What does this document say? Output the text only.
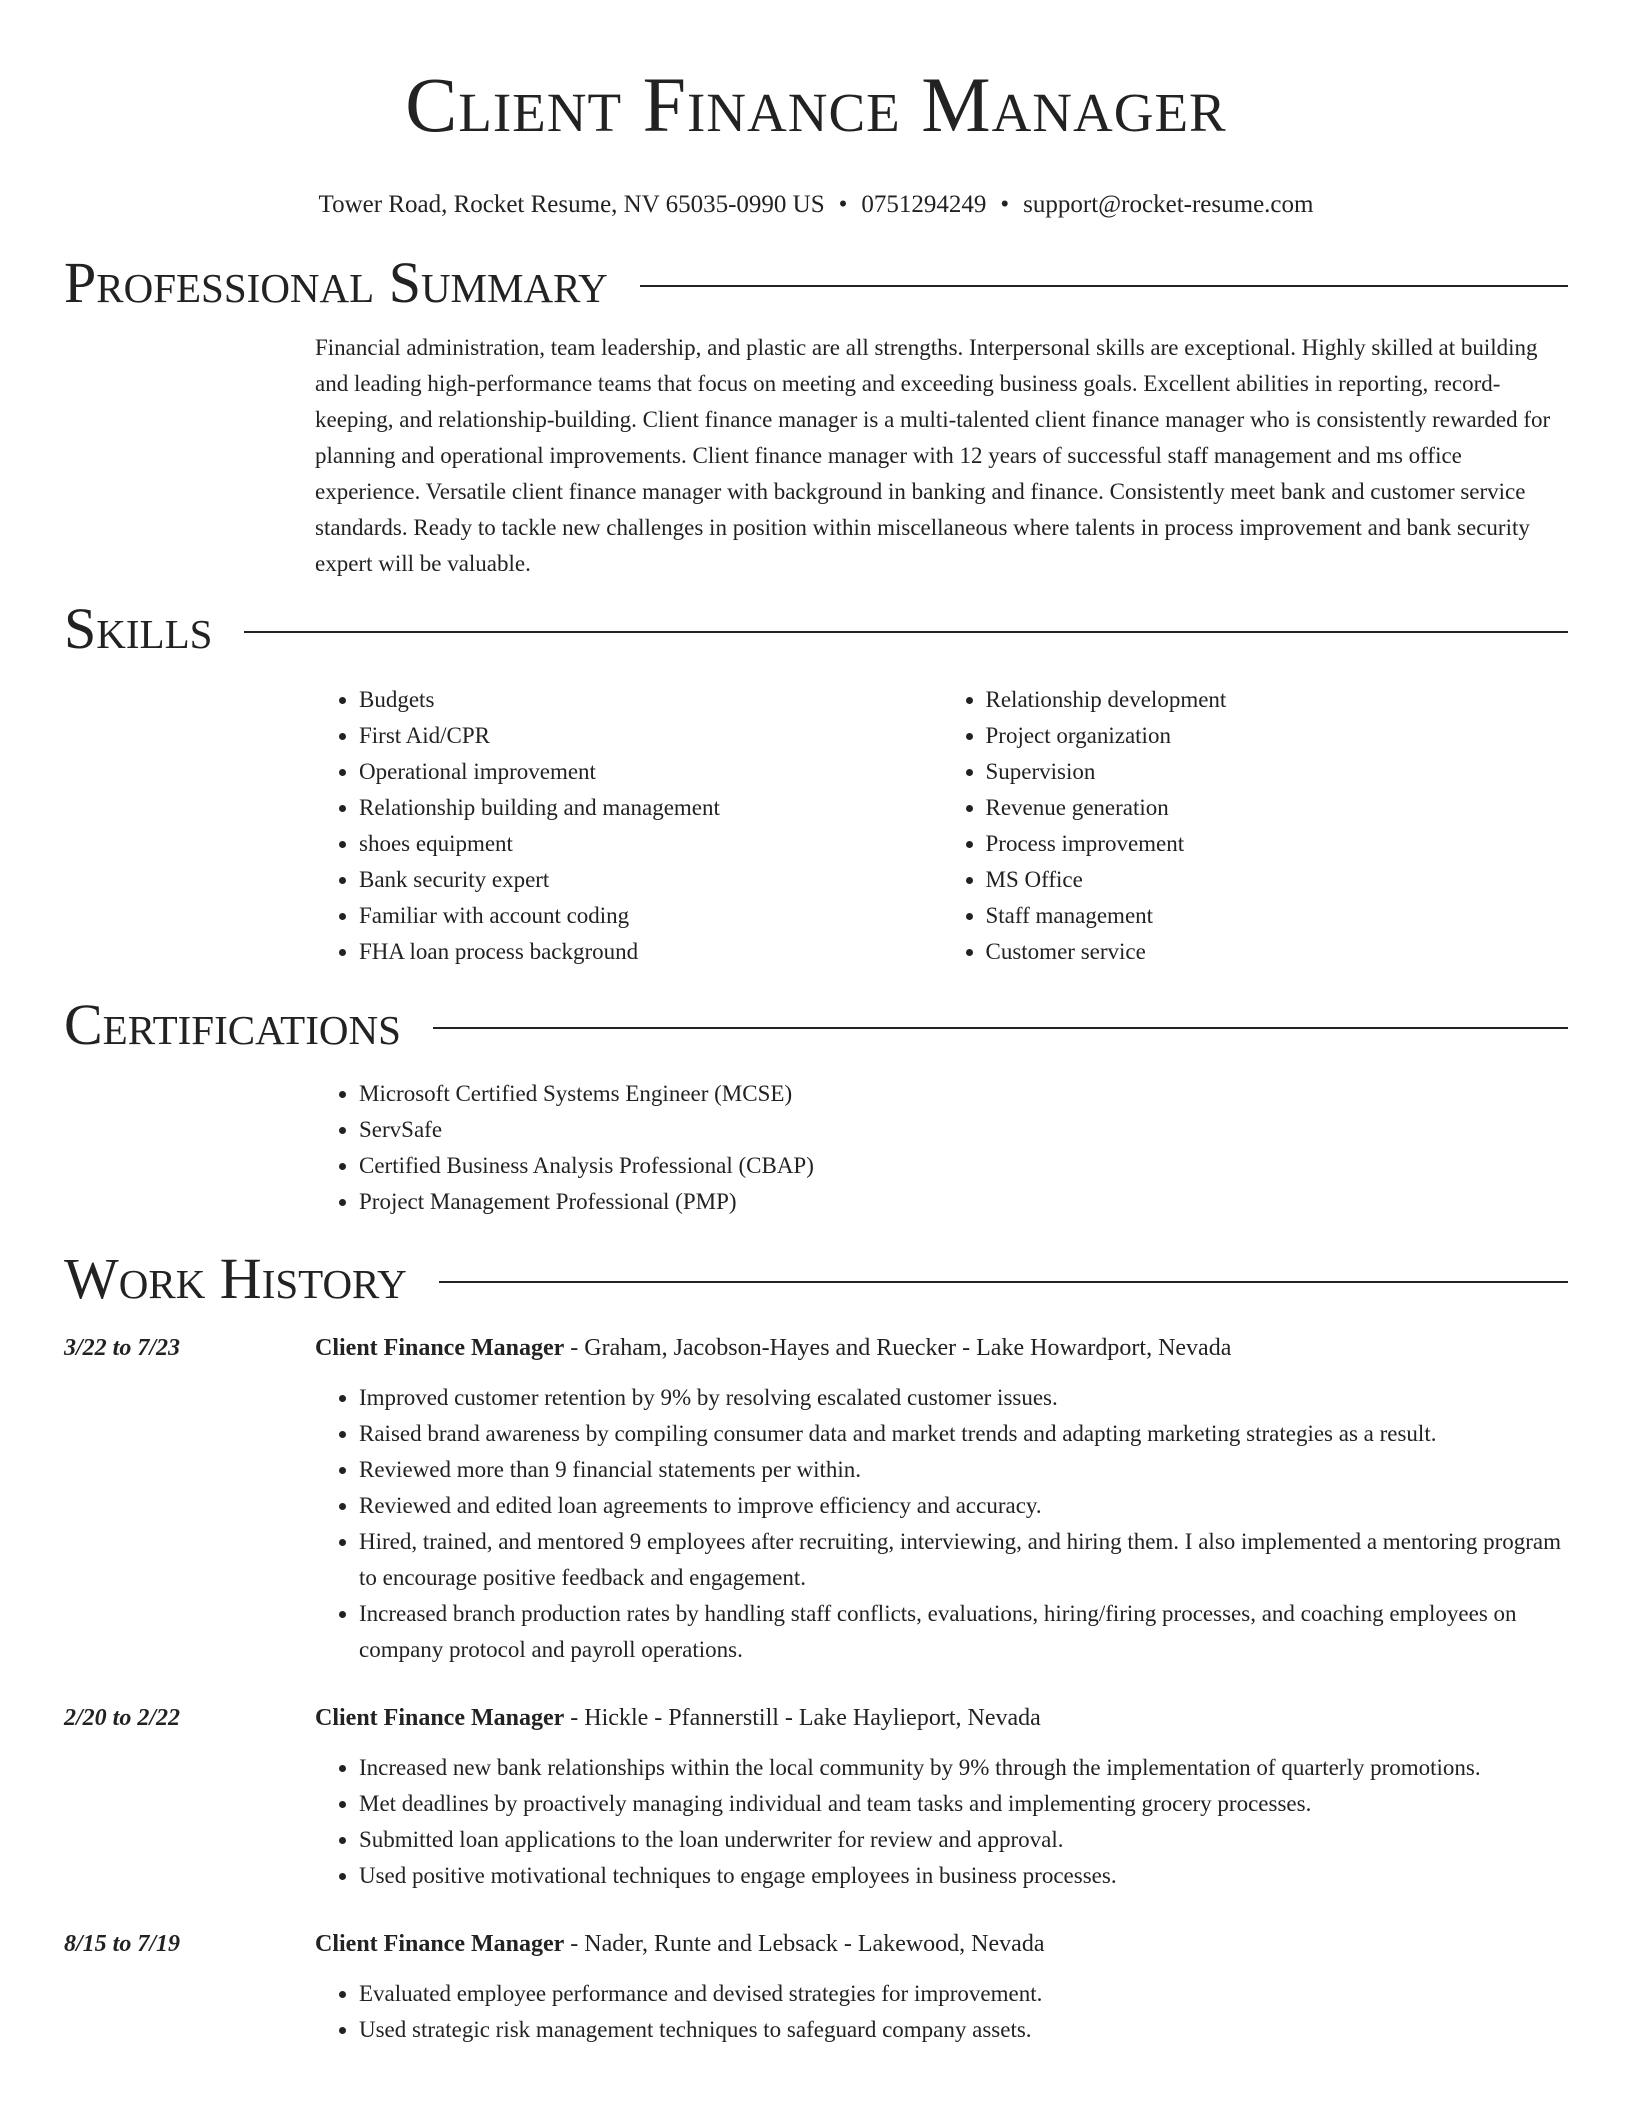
Client Finance Manager
Tower Road, Rocket Resume, NV 65035-0990 US • 0751294249 • support@rocket-resume.com
Professional Summary

Financial administration, team leadership, and plastic are all strengths. Interpersonal skills are exceptional. Highly skilled at building and leading high-performance teams that focus on meeting and exceeding business goals. Excellent abilities in reporting, record-keeping, and relationship-building. Client finance manager is a multi-talented client finance manager who is consistently rewarded for planning and operational improvements. Client finance manager with 12 years of successful staff management and ms office experience. Versatile client finance manager with background in banking and finance. Consistently meet bank and customer service standards. Ready to tackle new challenges in position within miscellaneous where talents in process improvement and bank security expert will be valuable.

Skills
• Budgets
• First Aid/CPR
• Operational improvement
• Relationship building and management
• shoes equipment
• Bank security expert
• Familiar with account coding
• FHA loan process background
• Relationship development
• Project organization
• Supervision
• Revenue generation
• Process improvement
• MS Office
• Staff management
• Customer service
Certifications
• Microsoft Certified Systems Engineer (MCSE)
• ServSafe
• Certified Business Analysis Professional (CBAP)
• Project Management Professional (PMP)
Work History
3/22 to 7/23	Client Finance Manager - Graham, Jacobson-Hayes and Ruecker - Lake Howardport, Nevada
• Improved customer retention by 9% by resolving escalated customer issues.
• Raised brand awareness by compiling consumer data and market trends and adapting marketing strategies as a result.
• Reviewed more than 9 financial statements per within.
• Reviewed and edited loan agreements to improve efficiency and accuracy.
• Hired, trained, and mentored 9 employees after recruiting, interviewing, and hiring them. I also implemented a mentoring program to encourage positive feedback and engagement.
• Increased branch production rates by handling staff conflicts, evaluations, hiring/firing processes, and coaching employees on company protocol and payroll operations.
2/20 to 2/22	Client Finance Manager - Hickle - Pfannerstill - Lake Haylieport, Nevada
• Increased new bank relationships within the local community by 9% through the implementation of quarterly promotions.
• Met deadlines by proactively managing individual and team tasks and implementing grocery processes.
• Submitted loan applications to the loan underwriter for review and approval.
• Used positive motivational techniques to engage employees in business processes.
8/15 to 7/19	Client Finance Manager - Nader, Runte and Lebsack - Lakewood, Nevada
• Evaluated employee performance and devised strategies for improvement.
• Used strategic risk management techniques to safeguard company assets.
